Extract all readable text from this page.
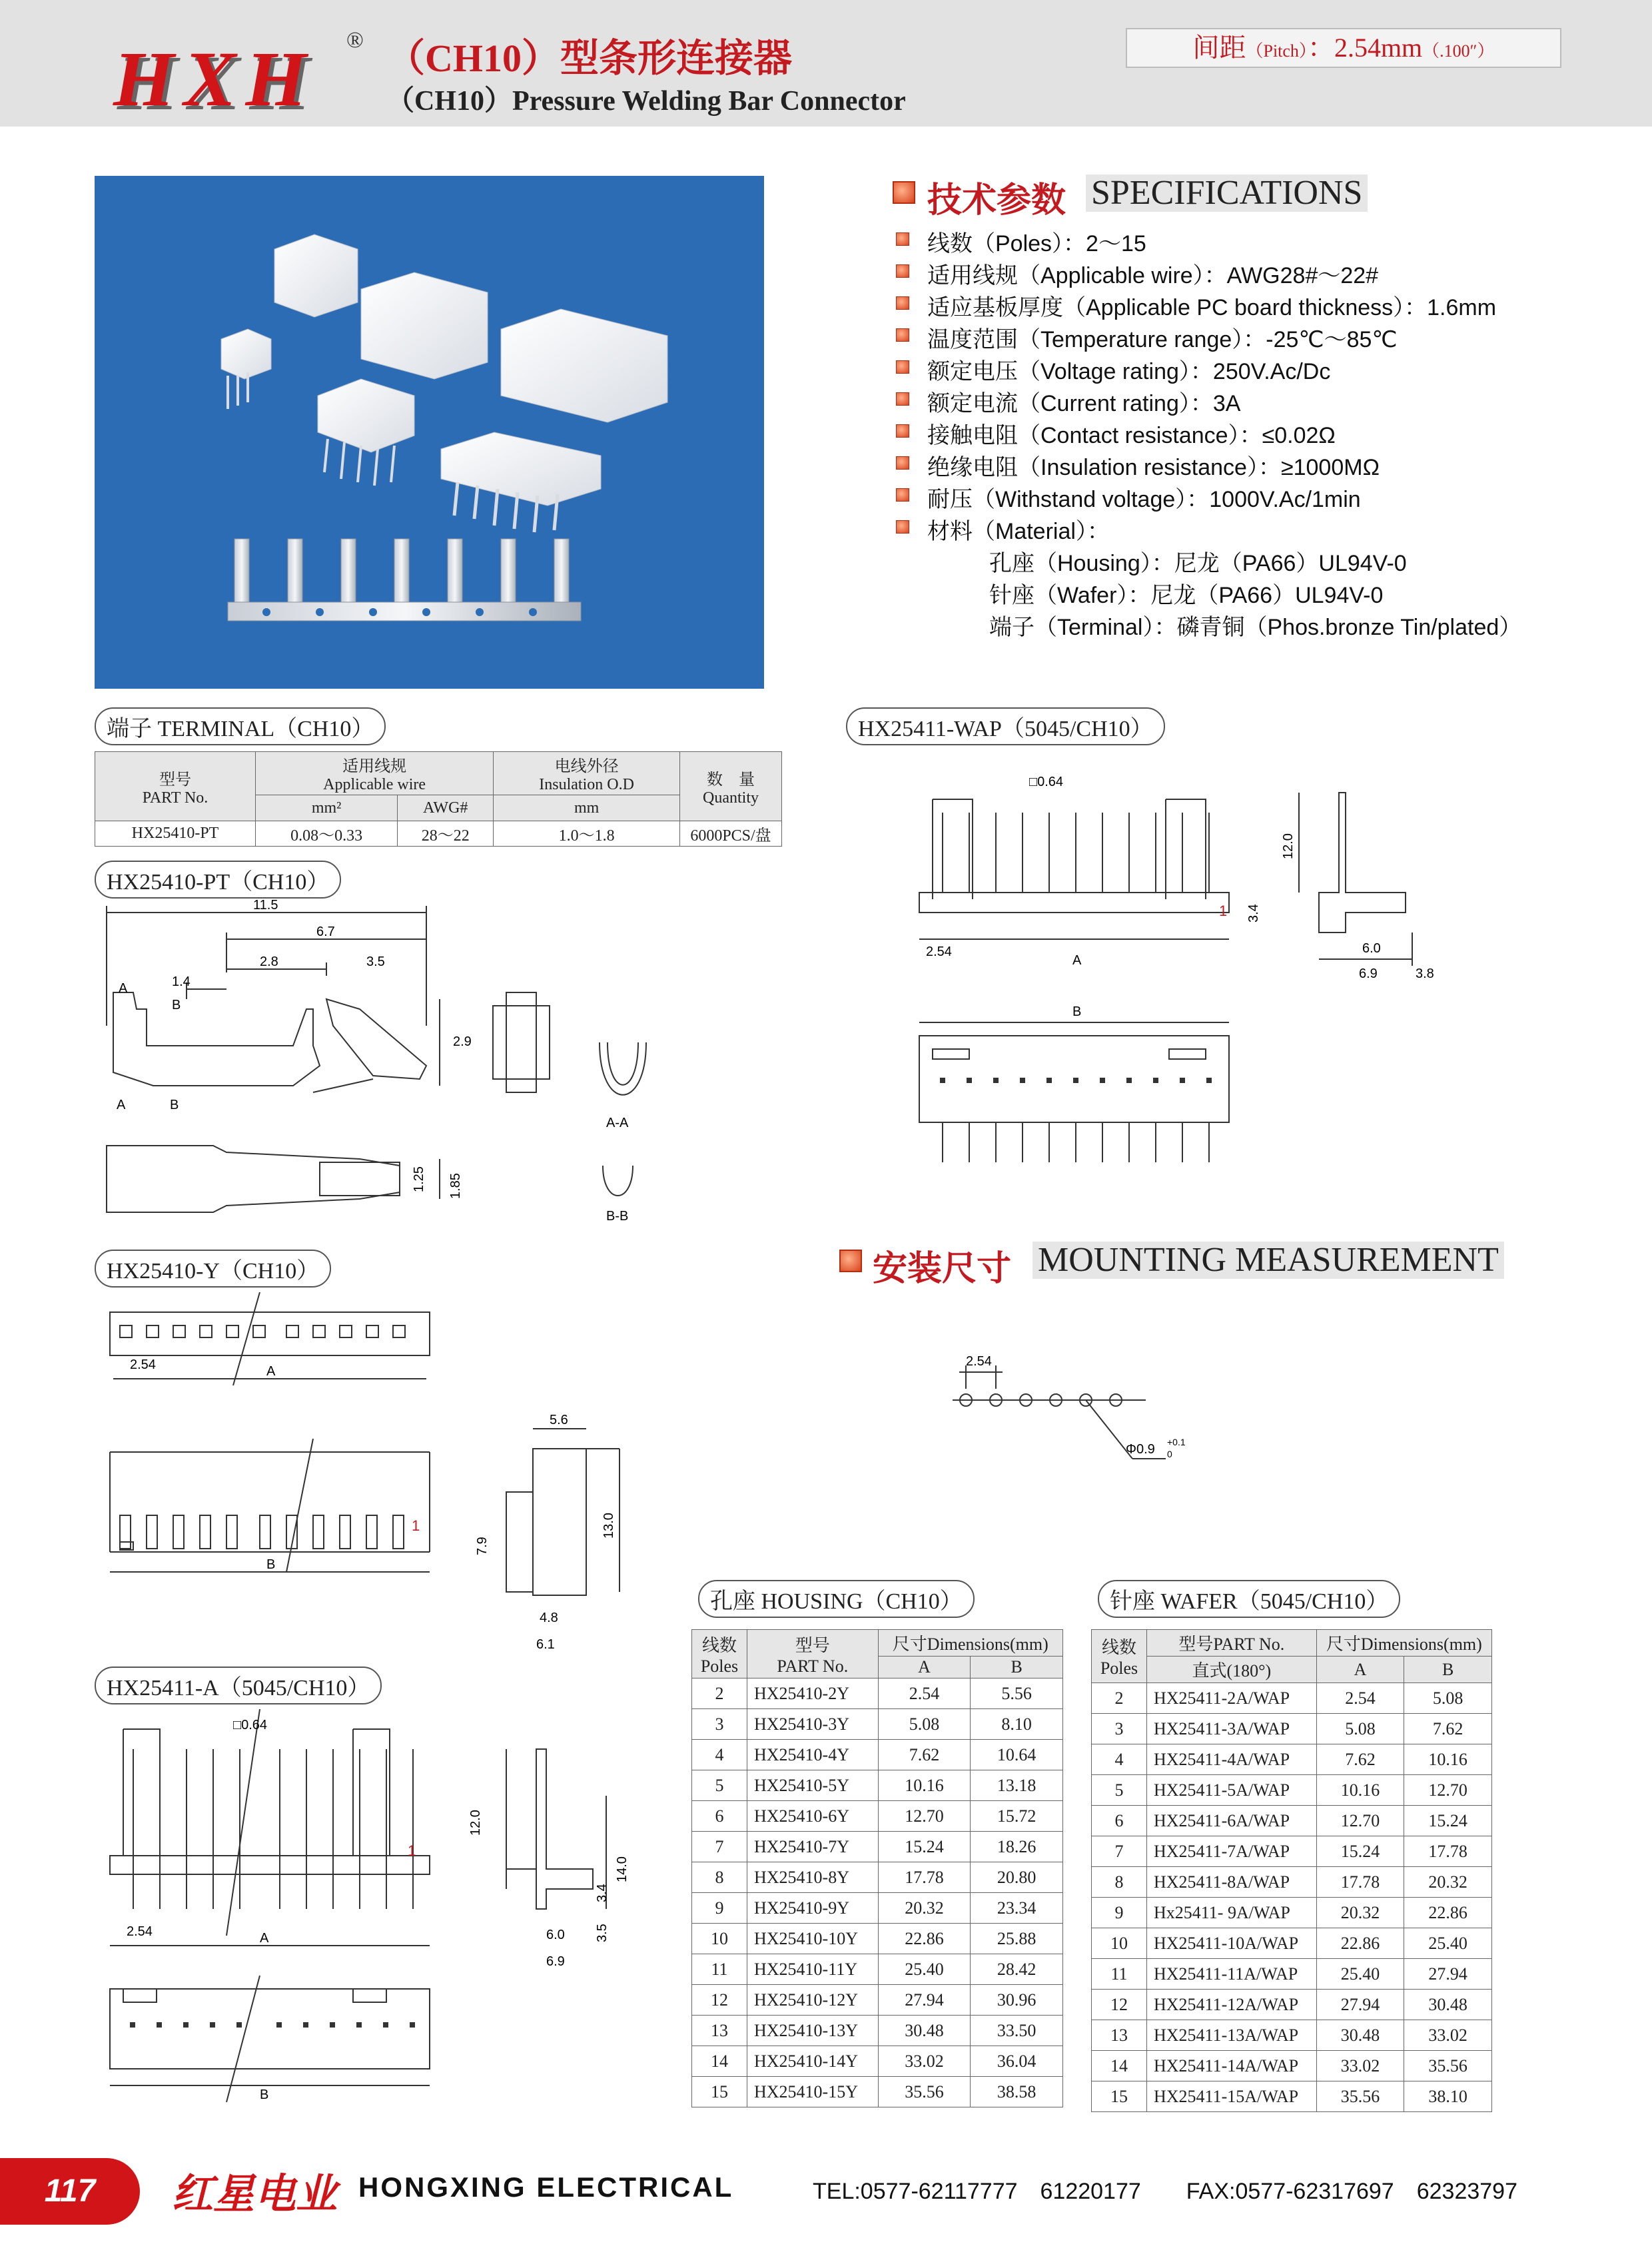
HXH ® （CH10）型条形连接器
（CH10）Pressure Welding Bar Connector
间距（Pitch）：2.54mm（.100″）
技术参数 SPECIFICATIONS
线数（Poles）：2～15
适用线规（Applicable wire）：AWG28#～22#
适应基板厚度（Applicable PC board thickness）：1.6mm
温度范围（Temperature range）：-25℃～85℃
额定电压（Voltage rating）：250V.Ac/Dc
额定电流（Current rating）：3A
接触电阻（Contact resistance）：≤0.02Ω
绝缘电阻（Insulation resistance）：≥1000MΩ
耐压（Withstand voltage）：1000V.Ac/1min
材料（Material）：
孔座（Housing）：尼龙（PA66）UL94V-0
针座（Wafer）：尼龙（PA66）UL94V-0
端子（Terminal）：磷青铜（Phos.bronze Tin/plated）
端子 TERMINAL（CH10）
型号
PART No.	适用线规
Applicable wire		电线外径
Insulation O.D	数　量
Quantity
	mm²	AWG#	mm	
HX25410-PT	0.08～0.33	28～22	1.0～1.8	6000PCS/盘
HX25410-PT（CH10）
11.5
6.7
2.8	3.5
1.4
2.9
A
B
A	B
1.25 1.85
A-A
B-B
HX25410-Y（CH10）
2.54	A
B
1
5.6
7.9
13.0
4.8
6.1
HX25411-A（5045/CH10）
□0.64
2.54	A
B
1
12.0
14.0
3.4
3.5
6.0
6.9
HX25411-WAP（5045/CH10）
□0.64
2.54
A
B
1
12.0
3.4
6.0
6.9	3.8
安装尺寸 MOUNTING MEASUREMENT
2.54
Φ0.9 +0.1
0
孔座 HOUSING（CH10）
线数
Poles	型号
PART No.	尺寸Dimensions(mm)	
		A	B
2	HX25410-2Y	2.54	5.56
3	HX25410-3Y	5.08	8.10
4	HX25410-4Y	7.62	10.64
5	HX25410-5Y	10.16	13.18
6	HX25410-6Y	12.70	15.72
7	HX25410-7Y	15.24	18.26
8	HX25410-8Y	17.78	20.80
9	HX25410-9Y	20.32	23.34
10	HX25410-10Y	22.86	25.88
11	HX25410-11Y	25.40	28.42
12	HX25410-12Y	27.94	30.96
13	HX25410-13Y	30.48	33.50
14	HX25410-14Y	33.02	36.04
15	HX25410-15Y	35.56	38.58
针座 WAFER（5045/CH10）
线数
Poles	型号PART No.	尺寸Dimensions(mm)	
	直式(180°)	A	B
2	HX25411-2A/WAP	2.54	5.08
3	HX25411-3A/WAP	5.08	7.62
4	HX25411-4A/WAP	7.62	10.16
5	HX25411-5A/WAP	10.16	12.70
6	HX25411-6A/WAP	12.70	15.24
7	HX25411-7A/WAP	15.24	17.78
8	HX25411-8A/WAP	17.78	20.32
9	Hx25411- 9A/WAP	20.32	22.86
10	HX25411-10A/WAP	22.86	25.40
11	HX25411-11A/WAP	25.40	27.94
12	HX25411-12A/WAP	27.94	30.48
13	HX25411-13A/WAP	30.48	33.02
14	HX25411-14A/WAP	33.02	35.56
15	HX25411-15A/WAP	35.56	38.10
117	红星电业 HONGXING ELECTRICAL	TEL:0577-62117777　61220177　　FAX:0577-62317697　62323797
